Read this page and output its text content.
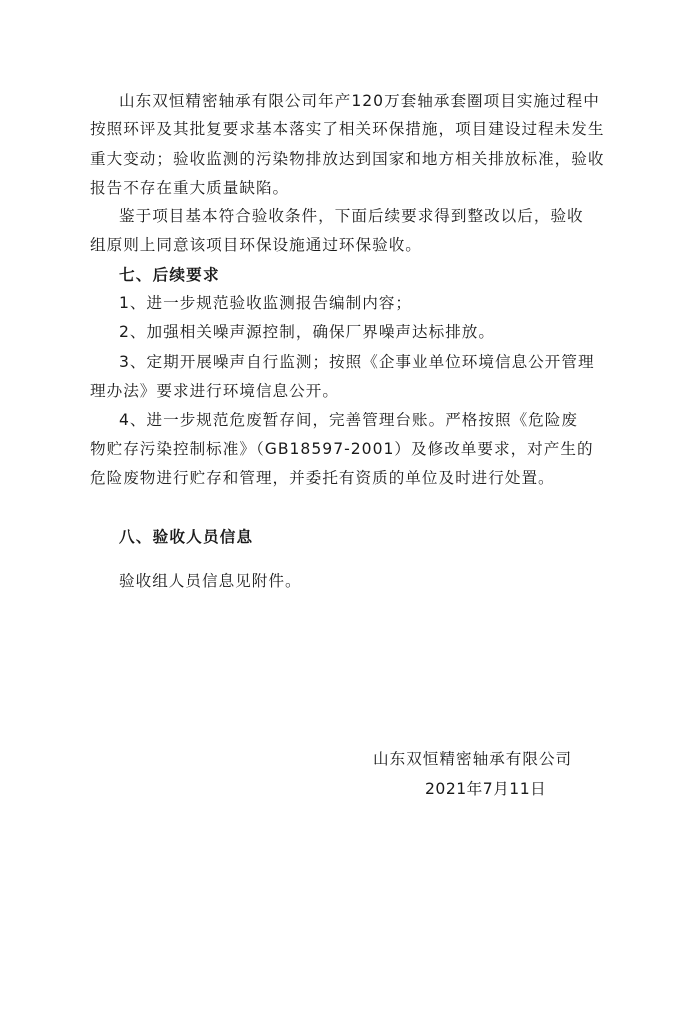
山东双恒精密轴承有限公司年产120万套轴承套圈项目实施过程中
按照环评及其批复要求基本落实了相关环保措施，项目建设过程未发生
重大变动；验收监测的污染物排放达到国家和地方相关排放标准，验收
报告不存在重大质量缺陷。
鉴于项目基本符合验收条件，下面后续要求得到整改以后，验收
组原则上同意该项目环保设施通过环保验收。
七、后续要求
1、进一步规范验收监测报告编制内容；
2、加强相关噪声源控制，确保厂界噪声达标排放。
3、定期开展噪声自行监测；按照《企事业单位环境信息公开管理
理办法》要求进行环境信息公开。
4、进一步规范危废暂存间，完善管理台账。严格按照《危险废
物贮存污染控制标准》（GB18597-2001）及修改单要求，对产生的
危险废物进行贮存和管理，并委托有资质的单位及时进行处置。
八、验收人员信息
验收组人员信息见附件。
山东双恒精密轴承有限公司
2021年7月11日
